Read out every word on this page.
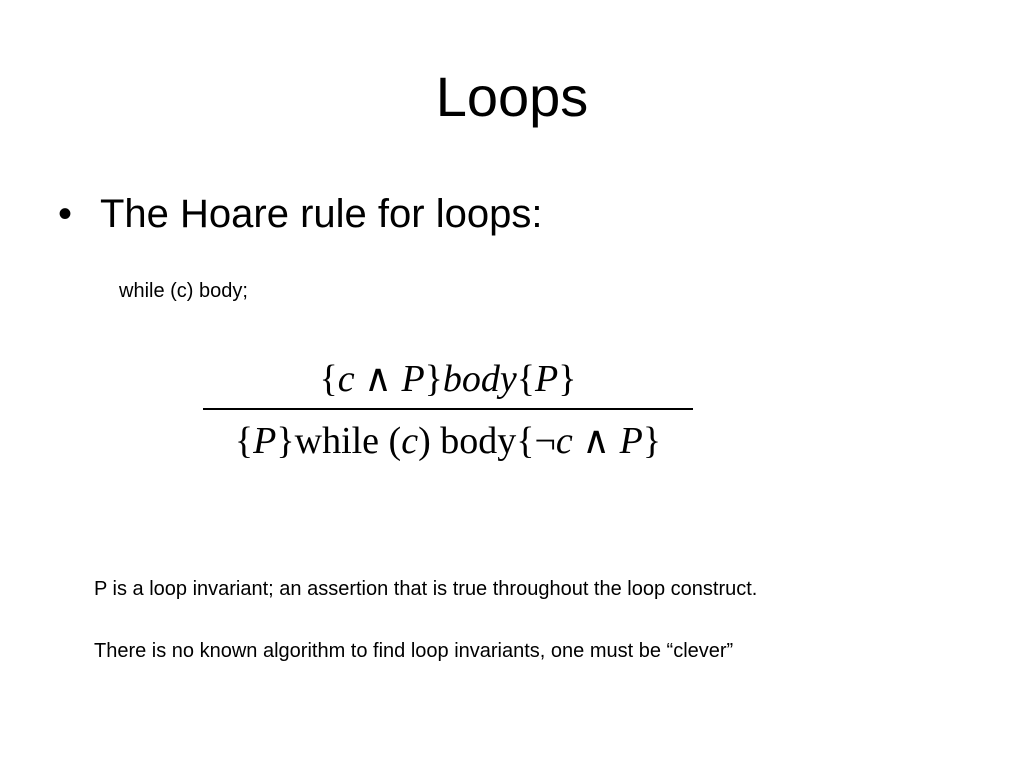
Loops
• The Hoare rule for loops:
while (c) body;
{c ∧ P}body{P}
{P}while (c) body{¬c ∧ P}
P is a loop invariant; an assertion that is true throughout the loop construct.
There is no known algorithm to find loop invariants, one must be “clever”
